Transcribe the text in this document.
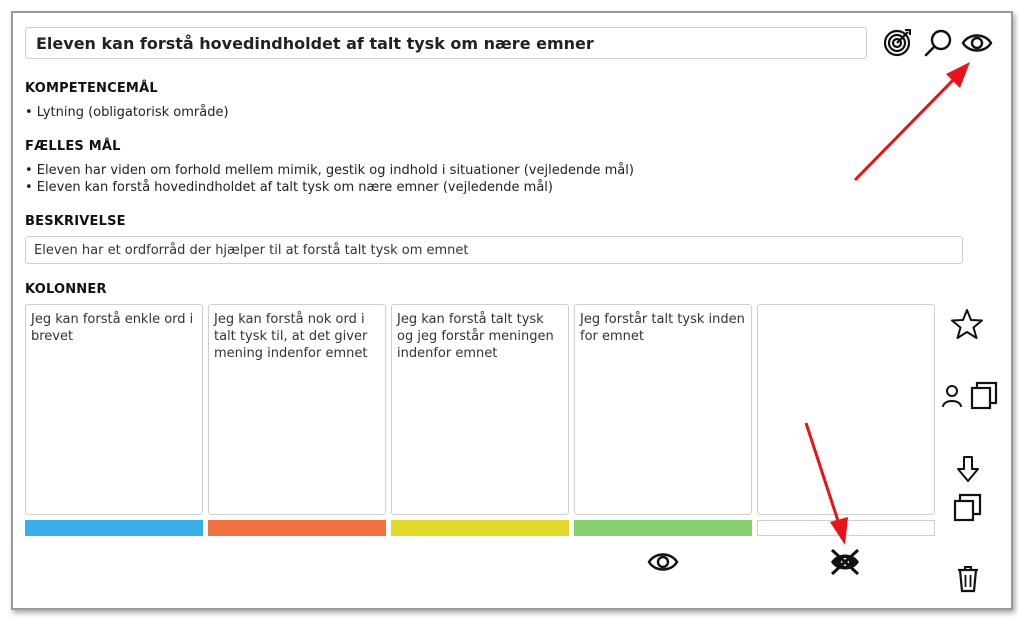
Eleven kan forstå hovedindholdet af talt tysk om nære emner
KOMPETENCEMÅL
• Lytning (obligatorisk område)
FÆLLES MÅL
• Eleven har viden om forhold mellem mimik, gestik og indhold i situationer (vejledende mål)
• Eleven kan forstå hovedindholdet af talt tysk om nære emner (vejledende mål)
BESKRIVELSE
Eleven har et ordforråd der hjælper til at forstå talt tysk om emnet
KOLONNER
Jeg kan forstå enkle ord i brevet
Jeg kan forstå nok ord i talt tysk til, at det giver mening indenfor emnet
Jeg kan forstå talt tysk og jeg forstår meningen indenfor emnet
Jeg forstår talt tysk inden for emnet
